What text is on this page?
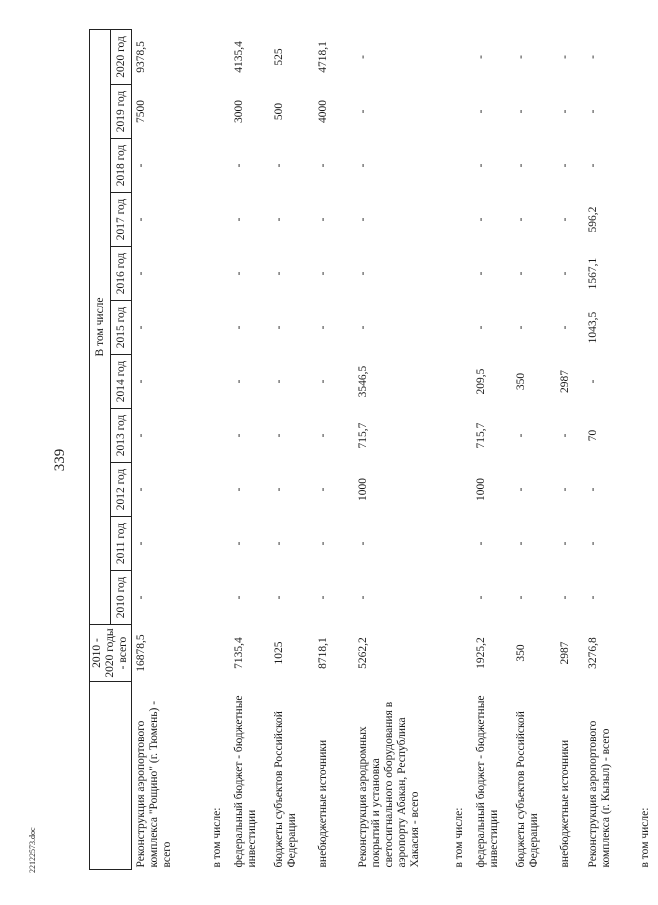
339
	2010 - 2020 годы - всего	В том числе										
		2010 год	2011 год	2012 год	2013 год	2014 год	2015 год	2016 год	2017 год	2018 год	2019 год	2020 год
Реконструкция аэропортового комплекса "Рощино" (г. Тюмень) - всего	16878,5	-	-	-	-	-	-	-	-	-	7500	9378,5
в том числе:												
федеральный бюджет - бюджетные инвестиции	7135,4	-	-	-	-	-	-	-	-	-	3000	4135,4
бюджеты субъектов Российской Федерации	1025	-	-	-	-	-	-	-	-	-	500	525
внебюджетные источники	8718,1	-	-	-	-	-	-	-	-	-	4000	4718,1
Реконструкция аэродромных покрытий и установка светосигнального оборудования в аэропорту Абакан, Республика Хакасия - всего	5262,2	-	-	1000	715,7	3546,5	-	-	-	-	-	-
в том числе:												
федеральный бюджет - бюджетные инвестиции	1925,2	-	-	1000	715,7	209,5	-	-	-	-	-	-
бюджеты субъектов Российской Федерации	350	-	-	-	-	350	-	-	-	-	-	-
внебюджетные источники	2987	-	-	-	-	2987	-	-	-	-	-	-
Реконструкция аэропортового комплекса (г. Кызыл) - всего	3276,8	-	-	-	70	-	1043,5	1567,1	596,2	-	-	-
в том числе:												
22122573.doc
